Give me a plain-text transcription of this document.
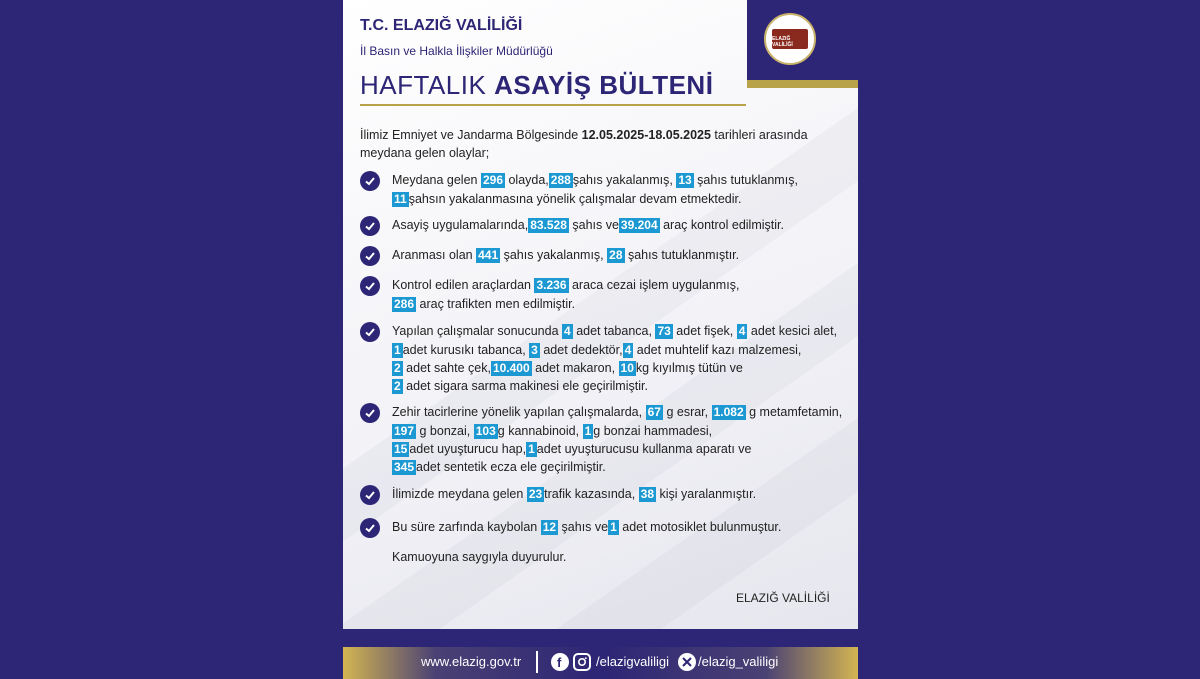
ELAZIĞ VALİLİĞİ
T.C. ELAZIĞ VALİLİĞİ
İl Basın ve Halkla İlişkiler Müdürlüğü
HAFTALIK ASAYİŞ BÜLTENİ
İlimiz Emniyet ve Jandarma Bölgesinde 12.05.2025-18.05.2025 tarihleri arasında meydana gelen olaylar;
Meydana gelen 296 olayda, 288 şahıs yakalanmış, 13 şahıs tutuklanmış,
11 şahsın yakalanmasına yönelik çalışmalar devam etmektedir.
Asayiş uygulamalarında, 83.528 şahıs ve 39.204 araç kontrol edilmiştir.
Aranması olan 441 şahıs yakalanmış, 28 şahıs tutuklanmıştır.
Kontrol edilen araçlardan 3.236 araca cezai işlem uygulanmış,
286 araç trafikten men edilmiştir.
Yapılan çalışmalar sonucunda 4 adet tabanca, 73 adet fişek, 4 adet kesici alet,
1 adet kurusıkı tabanca, 3 adet dedektör, 4 adet muhtelif kazı malzemesi,
2 adet sahte çek, 10.400 adet makaron, 10 kg kıyılmış tütün ve
2 adet sigara sarma makinesi ele geçirilmiştir.
Zehir tacirlerine yönelik yapılan çalışmalarda, 67 g esrar, 1.082 g metamfetamin,
197 g bonzai, 103 g kannabinoid, 1 g bonzai hammadesi,
15 adet uyuşturucu hap, 1 adet uyuşturucusu kullanma aparatı ve
345 adet sentetik ecza ele geçirilmiştir.
İlimizde meydana gelen 23 trafik kazasında, 38 kişi yaralanmıştır.
Bu süre zarfında kaybolan 12 şahıs ve 1 adet motosiklet bulunmuştur.
Kamuoyuna saygıyla duyurulur.
ELAZIĞ VALİLİĞİ
www.elazig.gov.tr	f	/elazigvaliligi /elazig_valiligi
